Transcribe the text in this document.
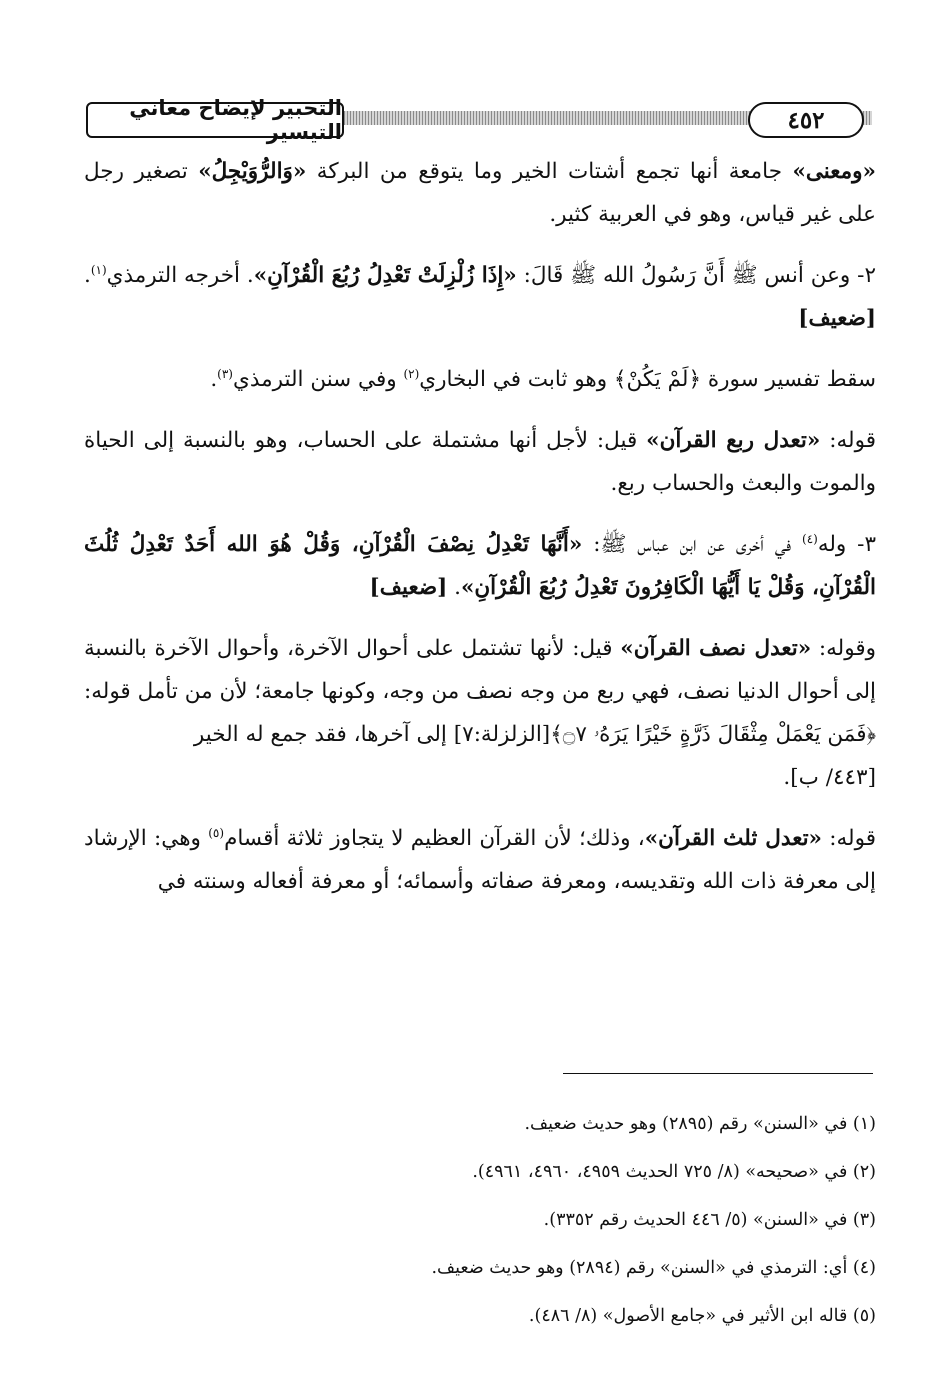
التحبير لإيضاح معاني التيسير	٤٥٢

«ومعنى» جامعة أنها تجمع أشتات الخير وما يتوقع من البركة «وَالرُّوَيْجِلُ» تصغير رجل على غير قياس، وهو في العربية كثير.

٢- وعن أنس ﷺ أَنَّ رَسُولُ الله ﷺ قَالَ: «إِذَا زُلْزِلَتْ تَعْدِلُ رُبُعَ الْقُرْآنِ». أخرجه الترمذي$^{(١)}$. [ضعيف]

سقط تفسير سورة ﴿لَمْ يَكُنْ﴾ وهو ثابت في البخاري$^{(٢)}$ وفي سنن الترمذي$^{(٣)}$.

قوله: «تعدل ربع القرآن» قيل: لأجل أنها مشتملة على الحساب، وهو بالنسبة إلى الحياة والموت والبعث والحساب ربع.

٣- وله$^{(٤)}$ في أخرى عن ابن عباس ﷺ: «أَنَّهَا تَعْدِلُ نِصْفَ الْقُرْآنِ، وَقُلْ هُوَ الله أَحَدٌ تَعْدِلُ ثُلُثَ الْقُرْآنِ، وَقُلْ يَا أَيُّهَا الْكَافِرُونَ تَعْدِلُ رُبُعَ الْقُرْآنِ». [ضعيف]

وقوله: «تعدل نصف القرآن» قيل: لأنها تشتمل على أحوال الآخرة، وأحوال الآخرة بالنسبة إلى أحوال الدنيا نصف، فهي ربع من وجه نصف من وجه، وكونها جامعة؛ لأن من تأمل قوله: ﴿فَمَن يَعْمَلْ مِثْقَالَ ذَرَّةٍ خَيْرًا يَرَهُۥ ۝٧﴾[الزلزلة:٧] إلى آخرها، فقد جمع له الخير

[٤٤٣/ ب].

قوله: «تعدل ثلث القرآن»، وذلك؛ لأن القرآن العظيم لا يتجاوز ثلاثة أقسام$^{(٥)}$ وهي: الإرشاد إلى معرفة ذات الله وتقديسه، ومعرفة صفاته وأسمائه؛ أو معرفة أفعاله وسنته في

(١) في «السنن» رقم (٢٨٩٥) وهو حديث ضعيف.

(٢) في «صحيحه» (٨/ ٧٢٥ الحديث ٤٩٥٩، ٤٩٦٠، ٤٩٦١).

(٣) في «السنن» (٥/ ٤٤٦ الحديث رقم ٣٣٥٢).

(٤) أي: الترمذي في «السنن» رقم (٢٨٩٤) وهو حديث ضعيف.

(٥) قاله ابن الأثير في «جامع الأصول» (٨/ ٤٨٦).
